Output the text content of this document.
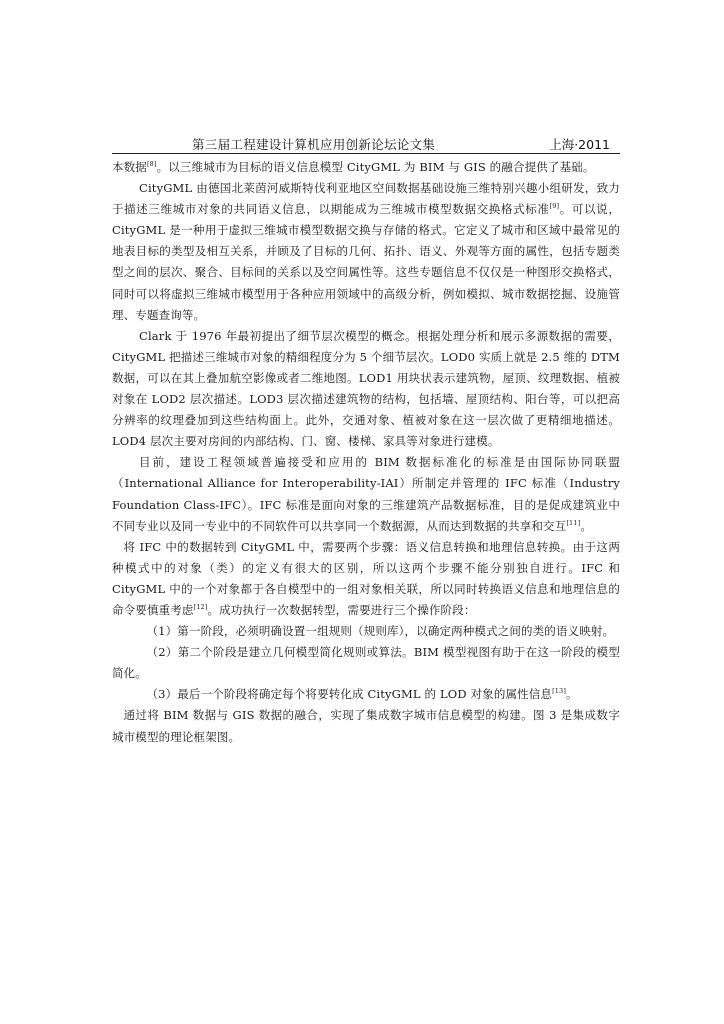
第三届工程建设计算机应用创新论坛论文集	上海·2011

本数据[8]。以三维城市为目标的语义信息模型 CityGML 为 BIM 与 GIS 的融合提供了基础。

CityGML 由德国北莱茵河威斯特伐利亚地区空间数据基础设施三维特别兴趣小组研发，致力于描述三维城市对象的共同语义信息，以期能成为三维城市模型数据交换格式标准[9]。可以说，CityGML 是一种用于虚拟三维城市模型数据交换与存储的格式。它定义了城市和区域中最常见的地表目标的类型及相互关系，并顾及了目标的几何、拓扑、语义、外观等方面的属性，包括专题类型之间的层次、聚合、目标间的关系以及空间属性等。这些专题信息不仅仅是一种图形交换格式，同时可以将虚拟三维城市模型用于各种应用领域中的高级分析，例如模拟、城市数据挖掘、设施管理、专题查询等。

Clark 于 1976 年最初提出了细节层次模型的概念。根据处理分析和展示多源数据的需要，CityGML 把描述三维城市对象的精细程度分为 5 个细节层次。LOD0 实质上就是 2.5 维的 DTM 数据，可以在其上叠加航空影像或者二维地图。LOD1 用块状表示建筑物，屋顶、纹理数据、植被对象在 LOD2 层次描述。LOD3 层次描述建筑物的结构，包括墙、屋顶结构、阳台等，可以把高分辨率的纹理叠加到这些结构面上。此外，交通对象、植被对象在这一层次做了更精细地描述。LOD4 层次主要对房间的内部结构、门、窗、楼梯、家具等对象进行建模。

目前，建设工程领域普遍接受和应用的 BIM 数据标准化的标准是由国际协同联盟（International Alliance for Interoperability-IAI）所制定并管理的 IFC 标准（Industry Foundation Class-IFC）。IFC 标准是面向对象的三维建筑产品数据标准，目的是促成建筑业中不同专业以及同一专业中的不同软件可以共享同一个数据源，从而达到数据的共享和交互[11]。

将 IFC 中的数据转到 CityGML 中，需要两个步骤：语义信息转换和地理信息转换。由于这两种模式中的对象（类）的定义有很大的区别，所以这两个步骤不能分别独自进行。IFC 和 CityGML 中的一个对象都于各自模型中的一组对象相关联，所以同时转换语义信息和地理信息的命令要慎重考虑[12]。成功执行一次数据转型，需要进行三个操作阶段：

（1）第一阶段，必须明确设置一组规则（规则库），以确定两种模式之间的类的语义映射。

（2）第二个阶段是建立几何模型简化规则或算法。BIM 模型视图有助于在这一阶段的模型简化。

（3）最后一个阶段将确定每个将要转化成 CityGML 的 LOD 对象的属性信息[13]。

通过将 BIM 数据与 GIS 数据的融合，实现了集成数字城市信息模型的构建。图 3 是集成数字城市模型的理论框架图。
